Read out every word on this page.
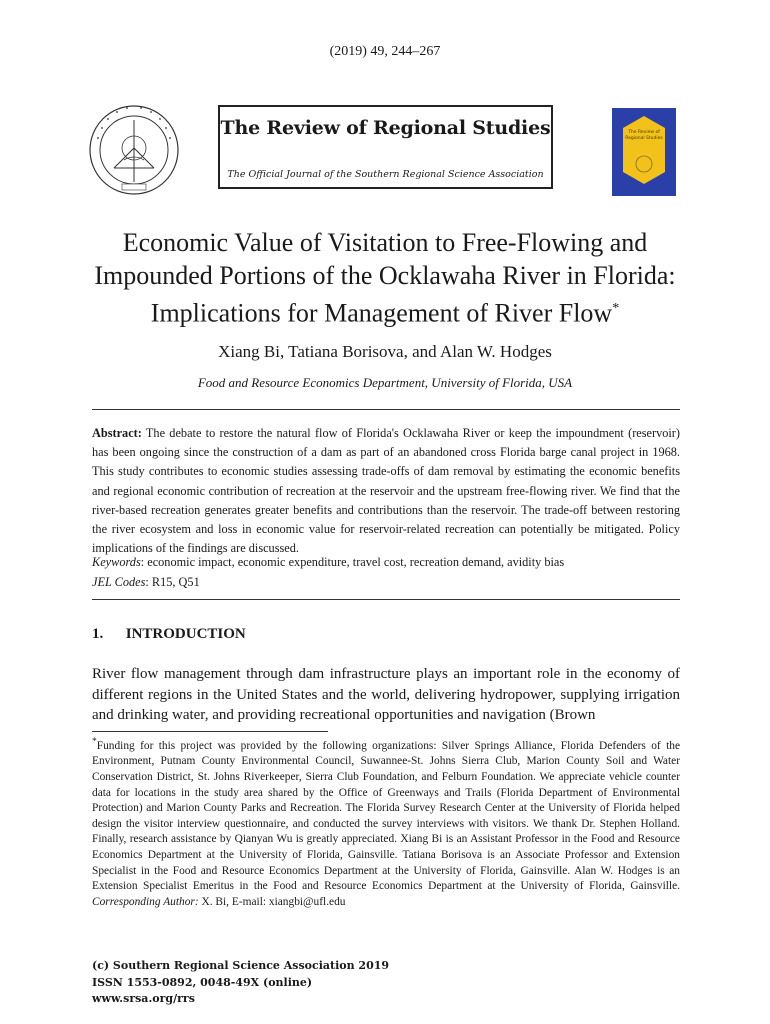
(2019) 49, 244–267
The Review of Regional Studies
The Official Journal of the Southern Regional Science Association
The Review of Regional Studies
Economic Value of Visitation to Free-Flowing and
Impounded Portions of the Ocklawaha River in Florida:
Implications for Management of River Flow*
Xiang Bi, Tatiana Borisova, and Alan W. Hodges
Food and Resource Economics Department, University of Florida, USA
Abstract: The debate to restore the natural flow of Florida's Ocklawaha River or keep the impoundment (reservoir) has been ongoing since the construction of a dam as part of an abandoned cross Florida barge canal project in 1968. This study contributes to economic studies assessing trade-offs of dam removal by estimating the economic benefits and regional economic contribution of recreation at the reservoir and the upstream free-flowing river. We find that the river-based recreation generates greater benefits and contributions than the reservoir. The trade-off between restoring the river ecosystem and loss in economic value for reservoir-related recreation can potentially be mitigated. Policy implications of the findings are discussed.
Keywords: economic impact, economic expenditure, travel cost, recreation demand, avidity bias
JEL Codes: R15, Q51
1. INTRODUCTION
River flow management through dam infrastructure plays an important role in the economy of different regions in the United States and the world, delivering hydropower, supplying irrigation and drinking water, and providing recreational opportunities and navigation (Brown
*Funding for this project was provided by the following organizations: Silver Springs Alliance, Florida Defenders of the Environment, Putnam County Environmental Council, Suwannee-St. Johns Sierra Club, Marion County Soil and Water Conservation District, St. Johns Riverkeeper, Sierra Club Foundation, and Felburn Foundation. We appreciate vehicle counter data for locations in the study area shared by the Office of Greenways and Trails (Florida Department of Environmental Protection) and Marion County Parks and Recreation. The Florida Survey Research Center at the University of Florida helped design the visitor interview questionnaire, and conducted the survey interviews with visitors. We thank Dr. Stephen Holland. Finally, research assistance by Qianyan Wu is greatly appreciated. Xiang Bi is an Assistant Professor in the Food and Resource Economics Department at the University of Florida, Gainsville. Tatiana Borisova is an Associate Professor and Extension Specialist in the Food and Resource Economics Department at the University of Florida, Gainsville. Alan W. Hodges is an Extension Specialist Emeritus in the Food and Resource Economics Department at the University of Florida, Gainsville. Corresponding Author: X. Bi, E-mail: xiangbi@ufl.edu
(c) Southern Regional Science Association 2019
ISSN 1553-0892, 0048-49X (online)
www.srsa.org/rrs
